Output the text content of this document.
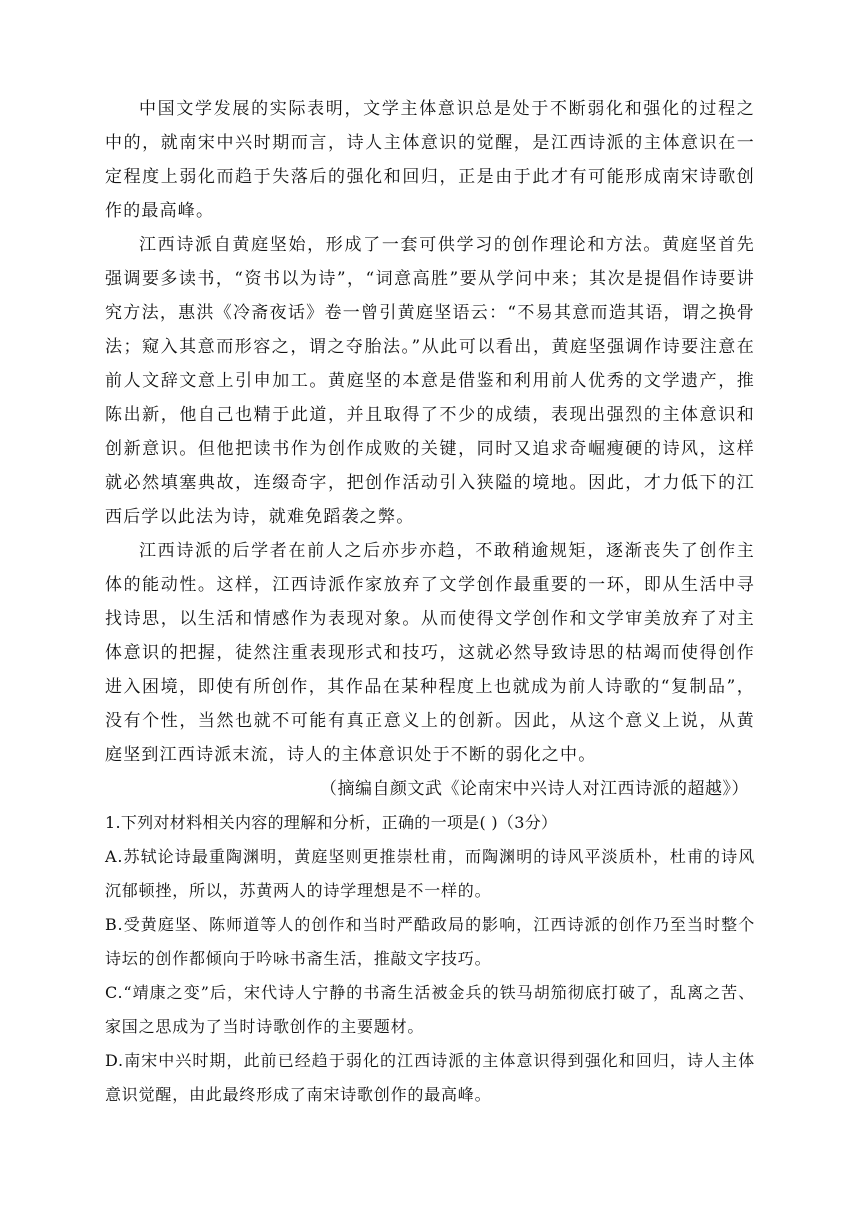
中国文学发展的实际表明，文学主体意识总是处于不断弱化和强化的过程之中的，就南宋中兴时期而言，诗人主体意识的觉醒，是江西诗派的主体意识在一定程度上弱化而趋于失落后的强化和回归，正是由于此才有可能形成南宋诗歌创作的最高峰。

江西诗派自黄庭坚始，形成了一套可供学习的创作理论和方法。黄庭坚首先强调要多读书，“资书以为诗”，“词意高胜”要从学问中来；其次是提倡作诗要讲究方法，惠洪《冷斋夜话》卷一曾引黄庭坚语云：“不易其意而造其语，谓之换骨法；窥入其意而形容之，谓之夺胎法。”从此可以看出，黄庭坚强调作诗要注意在前人文辞文意上引申加工。黄庭坚的本意是借鉴和利用前人优秀的文学遗产，推陈出新，他自己也精于此道，并且取得了不少的成绩，表现出强烈的主体意识和创新意识。但他把读书作为创作成败的关键，同时又追求奇崛瘦硬的诗风，这样就必然填塞典故，连缀奇字，把创作活动引入狭隘的境地。因此，才力低下的江西后学以此法为诗，就难免蹈袭之弊。

江西诗派的后学者在前人之后亦步亦趋，不敢稍逾规矩，逐渐丧失了创作主体的能动性。这样，江西诗派作家放弃了文学创作最重要的一环，即从生活中寻找诗思，以生活和情感作为表现对象。从而使得文学创作和文学审美放弃了对主体意识的把握，徒然注重表现形式和技巧，这就必然导致诗思的枯竭而使得创作进入困境，即使有所创作，其作品在某种程度上也就成为前人诗歌的“复制品”，没有个性，当然也就不可能有真正意义上的创新。因此，从这个意义上说，从黄庭坚到江西诗派末流，诗人的主体意识处于不断的弱化之中。

（摘编自颜文武《论南宋中兴诗人对江西诗派的超越》）

1.下列对材料相关内容的理解和分析，正确的一项是( )（3分）

A.苏轼论诗最重陶渊明，黄庭坚则更推崇杜甫，而陶渊明的诗风平淡质朴，杜甫的诗风沉郁顿挫，所以，苏黄两人的诗学理想是不一样的。

B.受黄庭坚、陈师道等人的创作和当时严酷政局的影响，江西诗派的创作乃至当时整个诗坛的创作都倾向于吟咏书斋生活，推敲文字技巧。

C.“靖康之变”后，宋代诗人宁静的书斋生活被金兵的铁马胡笳彻底打破了，乱离之苦、家国之思成为了当时诗歌创作的主要题材。

D.南宋中兴时期，此前已经趋于弱化的江西诗派的主体意识得到强化和回归，诗人主体意识觉醒，由此最终形成了南宋诗歌创作的最高峰。
